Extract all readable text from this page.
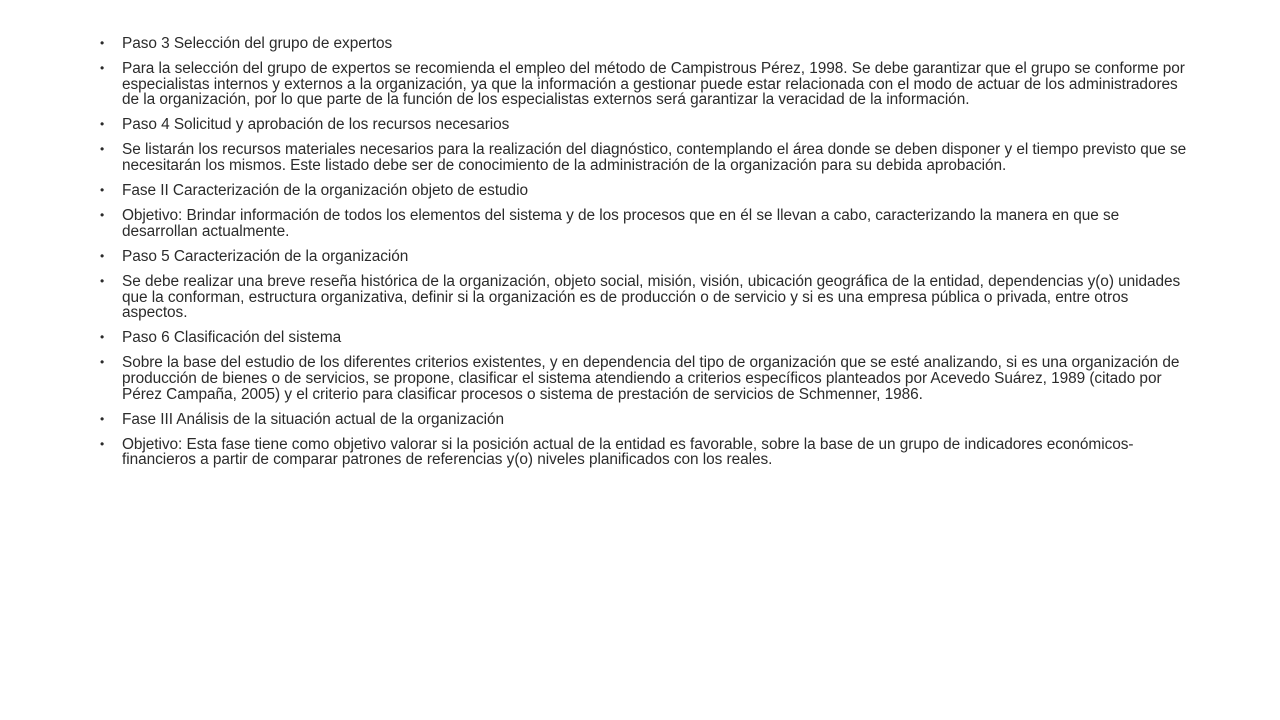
• Paso 3 Selección del grupo de expertos
• Para la selección del grupo de expertos se recomienda el empleo del método de Campistrous Pérez, 1998. Se debe garantizar que el grupo se conforme por especialistas internos y externos a la organización, ya que la información a gestionar puede estar relacionada con el modo de actuar de los administradores de la organización, por lo que parte de la función de los especialistas externos será garantizar la veracidad de la información.
• Paso 4 Solicitud y aprobación de los recursos necesarios
• Se listarán los recursos materiales necesarios para la realización del diagnóstico, contemplando el área donde se deben disponer y el tiempo previsto que se necesitarán los mismos. Este listado debe ser de conocimiento de la administración de la organización para su debida aprobación.
• Fase II Caracterización de la organización objeto de estudio
• Objetivo: Brindar información de todos los elementos del sistema y de los procesos que en él se llevan a cabo, caracterizando la manera en que se desarrollan actualmente.
• Paso 5 Caracterización de la organización
• Se debe realizar una breve reseña histórica de la organización, objeto social, misión, visión, ubicación geográfica de la entidad, dependencias y(o) unidades que la conforman, estructura organizativa, definir si la organización es de producción o de servicio y si es una empresa pública o privada, entre otros aspectos.
• Paso 6 Clasificación del sistema
• Sobre la base del estudio de los diferentes criterios existentes, y en dependencia del tipo de organización que se esté analizando, si es una organización de producción de bienes o de servicios, se propone, clasificar el sistema atendiendo a criterios específicos planteados por Acevedo Suárez, 1989 (citado por Pérez Campaña, 2005) y el criterio para clasificar procesos o sistema de prestación de servicios de Schmenner, 1986.
• Fase III Análisis de la situación actual de la organización
• Objetivo: Esta fase tiene como objetivo valorar si la posición actual de la entidad es favorable, sobre la base de un grupo de indicadores económicos-financieros a partir de comparar patrones de referencias y(o) niveles planificados con los reales.
